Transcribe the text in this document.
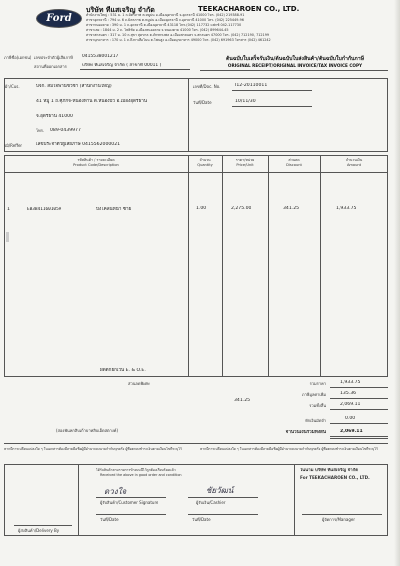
Ford
บริษัท ทีแสเจริญ จำกัด	TEEKACHAROEN CO., LTD.
สำนักงานใหญ่ : 531 ม. 1 ถ.มิตรภาพ ต.หมูม่น อ.เมืองอุดรธานี จ.อุดรธานี 41000 โทร. (042) 219388-91
สาขาอุดรธานี : 794 ม. 6 ถ.มิตรภาพ ต.หมูม่น อ.เมืองอุดรธานี จ.อุดรธานี 41000 โทร. (042) 225449-96
สาขาหนองคาย : 390 ม. 1 ถ.อุดรธานี ต.เมืองอุดรธานี 43118 โทร.(042) 117732 แฟกซ์ 042-117730
สาขาเลย : 1844 ม. 2 ถ. โพธิ์ชัย อ.เมืองหนองคาย จ.หนองคาย 41000 โทร. (042) 899644-45
สาขาสกลนคร : 317 ม. 10 ถ.สุขา สุดขาล ต.ภัทรทรงพล อ.เมืองสกลนคร จ.สกลนคร 47000 โทร. (042) 712190, 712199
สาขามุกดาหาร : 170 ม. 1 ถ.ถึงกาเสือโนน ต.โพนสูง อ.เมืองมุกดาหาร 49000 โทร. (042) 691963 โทรสาร (042) 461242
ภาษีชื่อ(เอกชน) เลขประจำตัวผู้เสียภาษี 0415538001217
สถานที่ออกเอกสาร	บริษัท ทีแสเจริญ จำกัด ( สาขาที่ 00011 )
ต้นฉบับใบเสร็จรับเงิน/ต้นฉบับใบส่งสินค้า/ต้นฉบับใบกำกับภาษี
ORIGINAL RECEIPT/ORIGINAL INVOICE/TAX INVOICE COPY
ผ้า/Cus.	บจก. สมใจพานิชวิชา (สำนักงานใหญ่)
41 หมู่ 1 ถ.ศุภกิจ-หนองหาน ต.หนองบัว อ.เมืองอุดรธานี
จ.อุดรธานี 41000
โทร. 089-0439977
รมิ/Reffer	เลขประจำตัวผู้เสียภาษี 0415562000021
เลขที่/Doc. No.	I12-20110011
วันที่/Date	10/11/30
รหัสสินค้า / รายละเอียด
Product Code/Description
จำนวน
Quantity
ราคา/หน่วย
Price/Unit
ส่วนลด
Discount
จำนวนเงิน
Amount
1	EB3B41160105A	บังโคลนหน้า ซ้าย	1.00	2,275.00	341.25	1,933.75
ผิดตกยกเว้น E. & O.E.
ส่วนลดพิเศษ
341.25
รวมราคา	1,933.75
ภาษีมูลค่าเพิ่ม	135.36
รวมทั้งสิ้น	2,069.11
หักเงินมัดจำ	0.00
จำนวนเงินรวมทั้งสิ้น	2,069.11
(สองพันหกสิบเก้าบาทสิบเอ็ดสตางค์)
หากมีการเปลี่ยนแปลงใด ๆ ในเอกสารต้องมีลายมือชื่อผู้มีอำนาจลงนามกำกับทุกครั้ง ผู้ซื้อตกลงชำระเงินตามเงื่อนไขที่ระบุไว้	หากมีการเปลี่ยนแปลงใด ๆ ในเอกสารต้องมีลายมือชื่อผู้มีอำนาจลงนามกำกับทุกครั้ง ผู้ซื้อตกลงชำระเงินตามเงื่อนไขที่ระบุไว้
ได้รับสินค้าตามรายการข้างบนนี้ไว้ถูกต้องเรียบร้อยแล้ว
Received the above in good order and condition
ดวงใจ
ผู้รับสินค้า/Customer Signature
ชัยวัฒน์
ผู้รับเงิน/Cashier
วันที่/Date	วันที่/Date
ผู้ส่งสินค้า/Delivery By
ในนาม บริษัท ทีแสเจริญ จำกัด
For TEEKACHAROEN CO., LTD.
ผู้จัดการ/Manager
